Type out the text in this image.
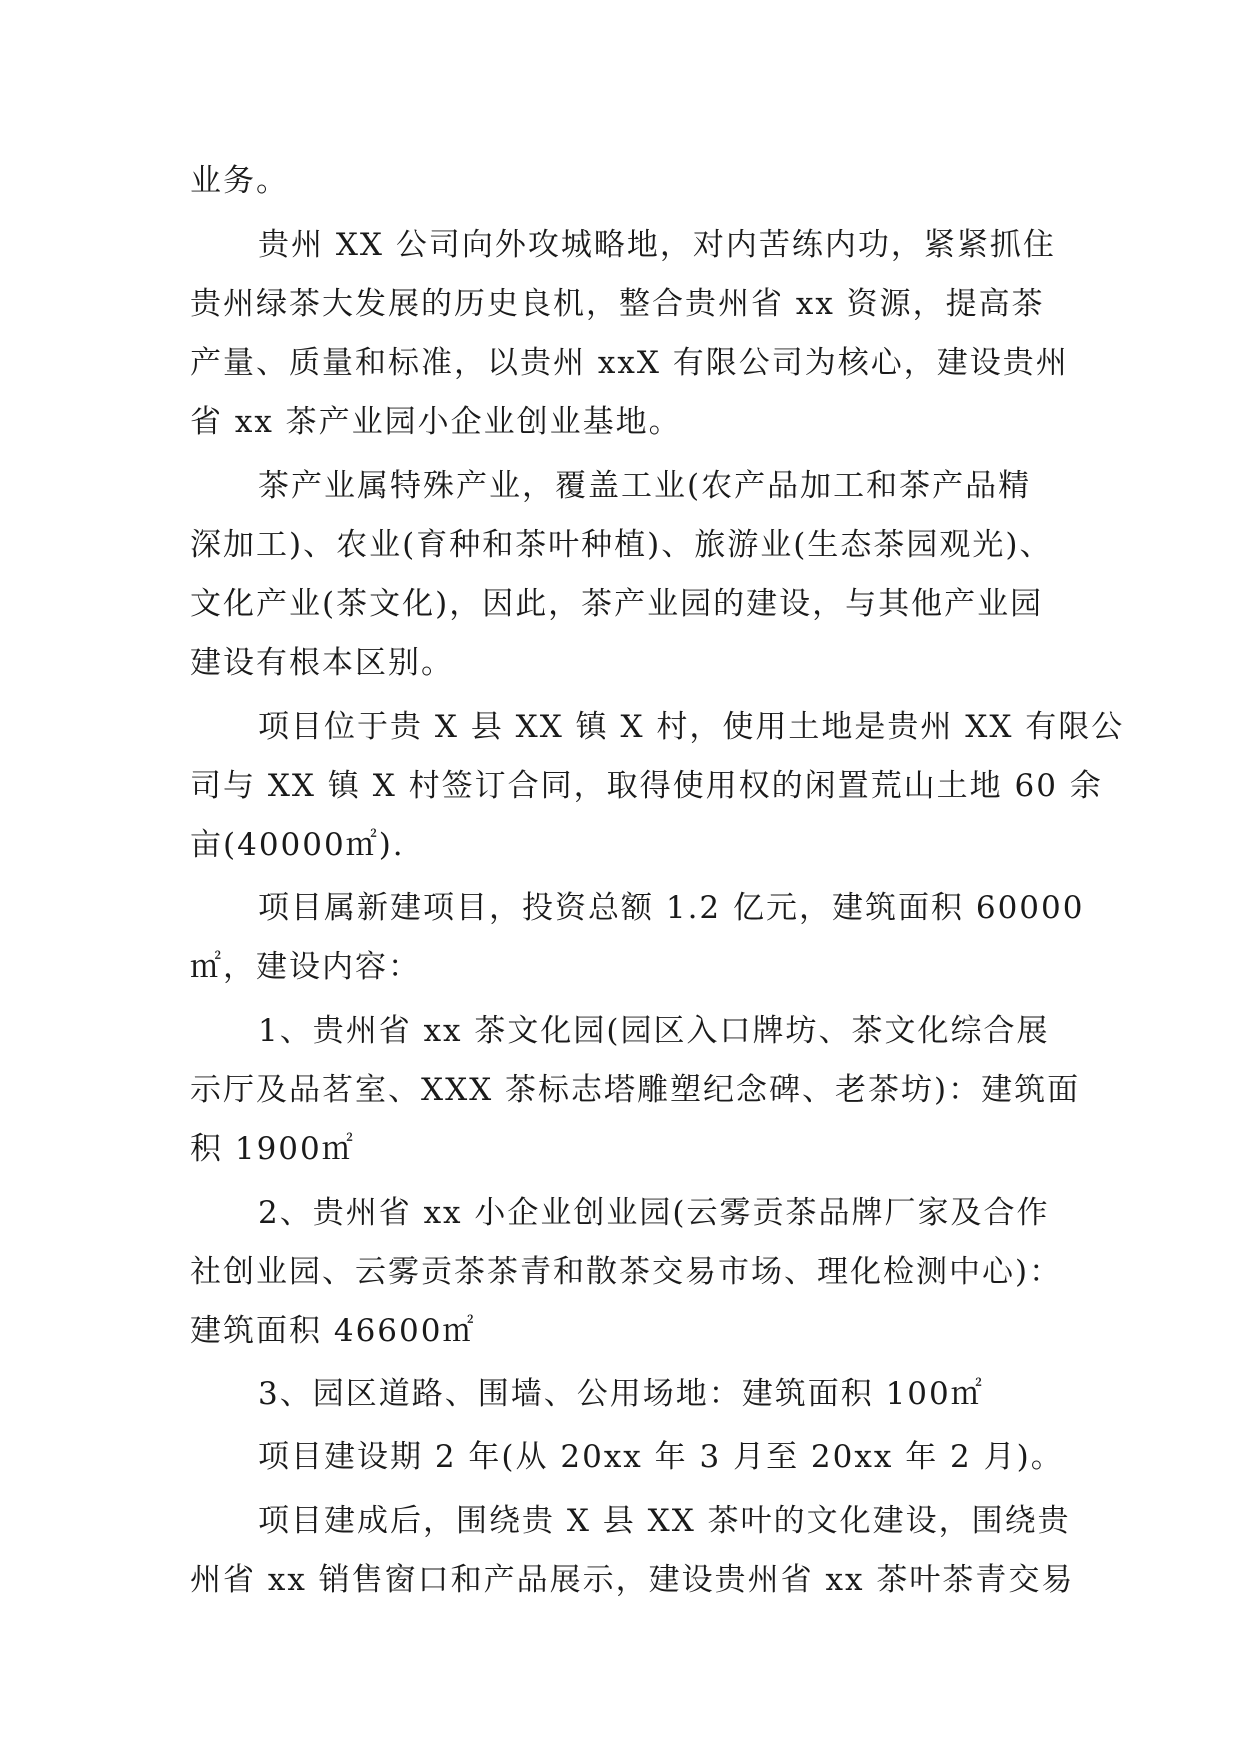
业务。
贵州 XX 公司向外攻城略地，对内苦练内功，紧紧抓住
贵州绿茶大发展的历史良机，整合贵州省 xx 资源，提高茶
产量、质量和标准，以贵州 xxX 有限公司为核心，建设贵州
省 xx 茶产业园小企业创业基地。
茶产业属特殊产业，覆盖工业(农产品加工和茶产品精
深加工)、农业(育种和茶叶种植)、旅游业(生态茶园观光)、
文化产业(茶文化)，因此，茶产业园的建设，与其他产业园
建设有根本区别。
项目位于贵 X 县 XX 镇 X 村，使用土地是贵州 XX 有限公
司与 XX 镇 X 村签订合同，取得使用权的闲置荒山土地 60 余
亩(40000㎡).
项目属新建项目，投资总额 1.2 亿元，建筑面积 60000
㎡，建设内容：
1、贵州省 xx 茶文化园(园区入口牌坊、茶文化综合展
示厅及品茗室、XXX 茶标志塔雕塑纪念碑、老茶坊)：建筑面
积 1900㎡
2、贵州省 xx 小企业创业园(云雾贡茶品牌厂家及合作
社创业园、云雾贡茶茶青和散茶交易市场、理化检测中心)：
建筑面积 46600㎡
3、园区道路、围墙、公用场地：建筑面积 100㎡
项目建设期 2 年(从 20xx 年 3 月至 20xx 年 2 月)。
项目建成后，围绕贵 X 县 XX 茶叶的文化建设，围绕贵
州省 xx 销售窗口和产品展示，建设贵州省 xx 茶叶茶青交易
